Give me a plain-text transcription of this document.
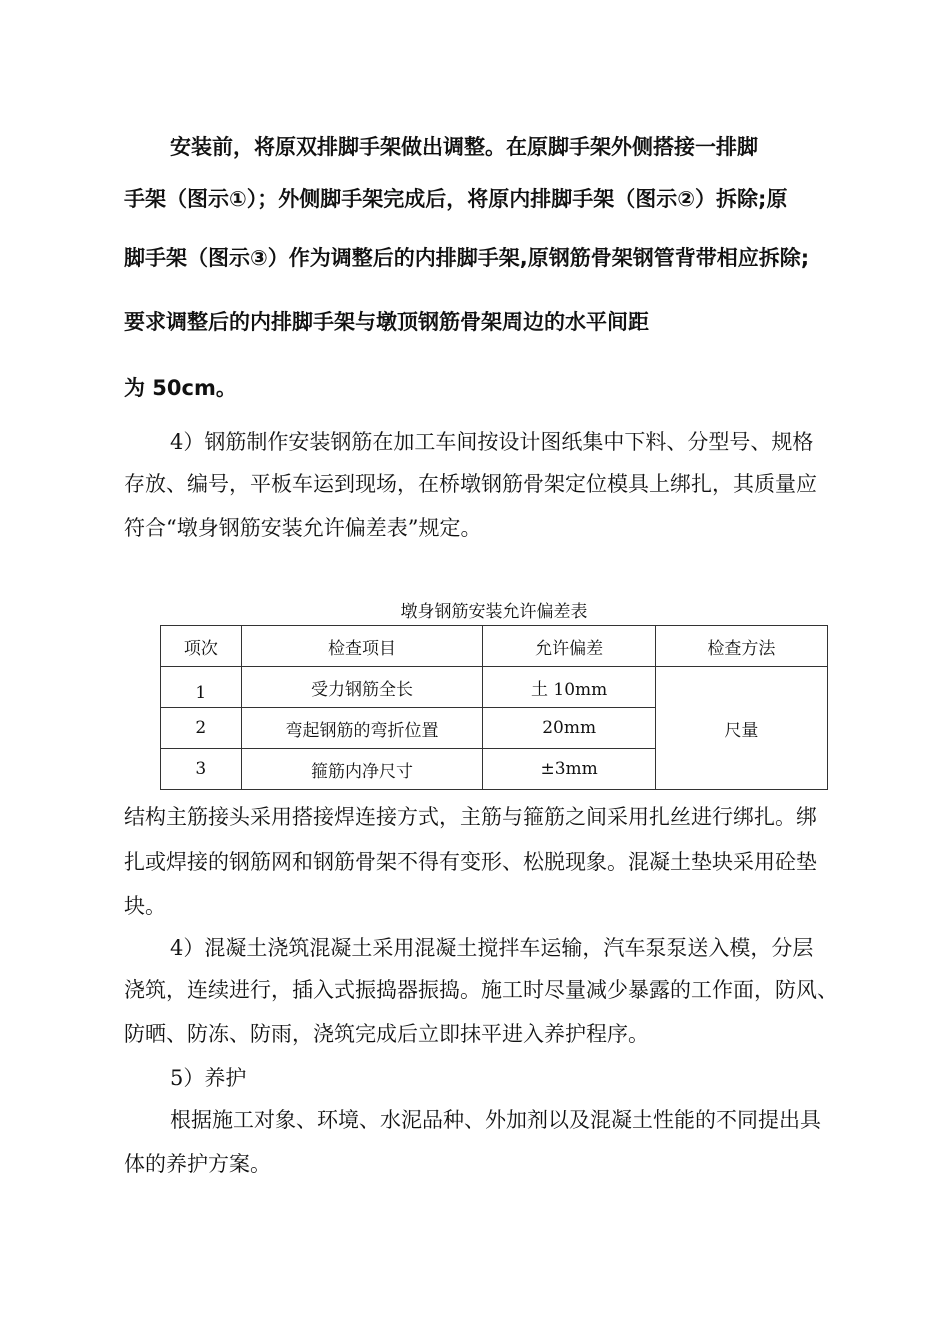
安装前，将原双排脚手架做出调整。在原脚手架外侧搭接一排脚
手架（图示①）；外侧脚手架完成后，将原内排脚手架（图示②）拆除;原
脚手架（图示③）作为调整后的内排脚手架,原钢筋骨架钢管背带相应拆除;
要求调整后的内排脚手架与墩顶钢筋骨架周边的水平间距
为 50cm。
4）钢筋制作安装钢筋在加工车间按设计图纸集中下料、分型号、规格
存放、编号，平板车运到现场，在桥墩钢筋骨架定位模具上绑扎，其质量应
符合“墩身钢筋安装允许偏差表”规定。
墩身钢筋安装允许偏差表
项次	检查项目	允许偏差	检查方法
1	受力钢筋全长	土 10mm	尺量
2	弯起钢筋的弯折位置	20mm	
3	箍筋内净尺寸	±3mm	
结构主筋接头采用搭接焊连接方式，主筋与箍筋之间采用扎丝进行绑扎。绑
扎或焊接的钢筋网和钢筋骨架不得有变形、松脱现象。混凝土垫块采用砼垫
块。
4）混凝土浇筑混凝土采用混凝土搅拌车运输，汽车泵泵送入模，分层
浇筑，连续进行，插入式振捣器振捣。施工时尽量减少暴露的工作面，防风、
防晒、防冻、防雨，浇筑完成后立即抹平进入养护程序。
5）养护
根据施工对象、环境、水泥品种、外加剂以及混凝土性能的不同提出具
体的养护方案。
